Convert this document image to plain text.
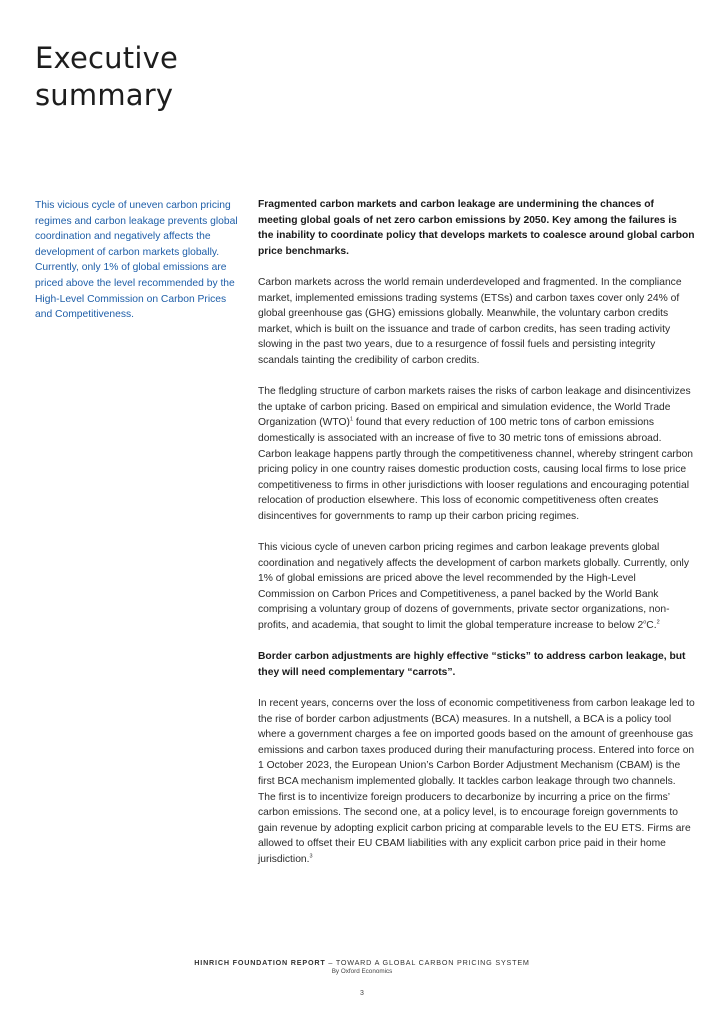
Executive
summary

This vicious cycle of uneven carbon pricing regimes and carbon leakage prevents global coordination and negatively affects the development of carbon markets globally. Currently, only 1% of global emissions are priced above the level recommended by the High-Level Commission on Carbon Prices and Competitiveness.

Fragmented carbon markets and carbon leakage are undermining the chances of meeting global goals of net zero carbon emissions by 2050. Key among the failures is the inability to coordinate policy that develops markets to coalesce around global carbon price benchmarks.

Carbon markets across the world remain underdeveloped and fragmented. In the compliance market, implemented emissions trading systems (ETSs) and carbon taxes cover only 24% of global greenhouse gas (GHG) emissions globally. Meanwhile, the voluntary carbon credits market, which is built on the issuance and trade of carbon credits, has seen trading activity slowing in the past two years, due to a resurgence of fossil fuels and persisting integrity scandals tainting the credibility of carbon credits.

The fledgling structure of carbon markets raises the risks of carbon leakage and disincentivizes the uptake of carbon pricing. Based on empirical and simulation evidence, the World Trade Organization (WTO)$^1$ found that every reduction of 100 metric tons of carbon emissions domestically is associated with an increase of five to 30 metric tons of emissions abroad. Carbon leakage happens partly through the competitiveness channel, whereby stringent carbon pricing policy in one country raises domestic production costs, causing local firms to lose price competitiveness to firms in other jurisdictions with looser regulations and encouraging potential relocation of production elsewhere. This loss of economic competitiveness often creates disincentives for governments to ramp up their carbon pricing regimes.

This vicious cycle of uneven carbon pricing regimes and carbon leakage prevents global coordination and negatively affects the development of carbon markets globally. Currently, only 1% of global emissions are priced above the level recommended by the High-Level Commission on Carbon Prices and Competitiveness, a panel backed by the World Bank comprising a voluntary group of dozens of governments, private sector organizations, non-profits, and academia, that sought to limit the global temperature increase to below 2$^o$C.$^2$

Border carbon adjustments are highly effective “sticks” to address carbon leakage, but they will need complementary “carrots”.

In recent years, concerns over the loss of economic competitiveness from carbon leakage led to the rise of border carbon adjustments (BCA) measures. In a nutshell, a BCA is a policy tool where a government charges a fee on imported goods based on the amount of greenhouse gas emissions and carbon taxes produced during their manufacturing process. Entered into force on 1 October 2023, the European Union’s Carbon Border Adjustment Mechanism (CBAM) is the first BCA mechanism implemented globally. It tackles carbon leakage through two channels. The first is to incentivize foreign producers to decarbonize by incurring a price on the firms’ carbon emissions. The second one, at a policy level, is to encourage foreign governments to gain revenue by adopting explicit carbon pricing at comparable levels to the EU ETS. Firms are allowed to offset their EU CBAM liabilities with any explicit carbon price paid in their home jurisdiction.$^3$

HINRICH FOUNDATION REPORT – TOWARD A GLOBAL CARBON PRICING SYSTEM
By Oxford Economics
3
